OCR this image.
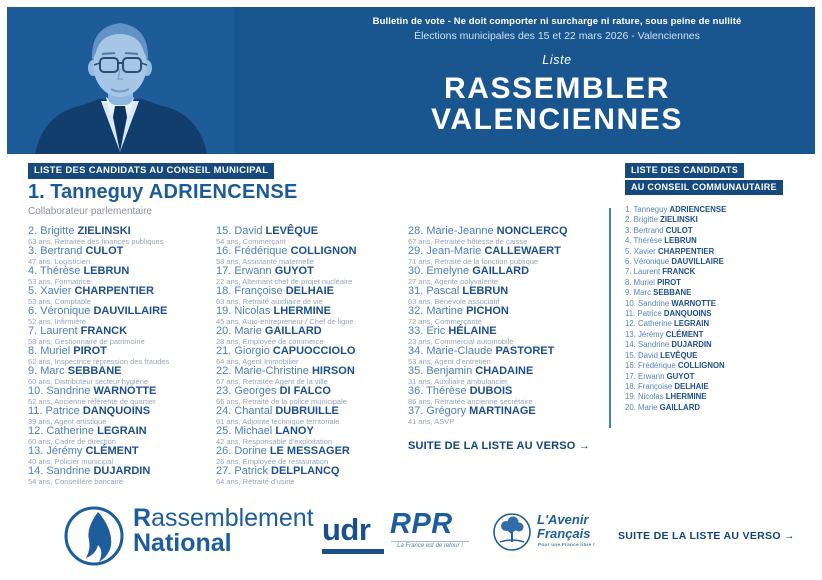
Bulletin de vote - Ne doit comporter ni surcharge ni rature, sous peine de nullité
Élections municipales des 15 et 22 mars 2026 - Valenciennes
Liste
RASSEMBLER
VALENCIENNES
LISTE DES CANDIDATS AU CONSEIL MUNICIPAL
1. Tanneguy ADRIENCENSE
Collaborateur parlementaire
2. Brigitte ZIELINSKI
63 ans, Retraitée des finances publiques
3. Bertrand CULOT
47 ans, Logisticien
4. Thérèse LEBRUN
53 ans, Formatrice
5. Xavier CHARPENTIER
53 ans, Comptable
6. Véronique DAUVILLAIRE
52 ans, Infirmière
7. Laurent FRANCK
58 ans, Gestionnaire de patrimoine
8. Muriel PIROT
62 ans, Inspectrice répression des fraudes
9. Marc SEBBANE
60 ans, Distributeur secteur hygiène
10. Sandrine WARNOTTE
52 ans, Ancienne référente de quartier
11. Patrice DANQUOINS
39 ans, Agent artistique
12. Catherine LEGRAIN
60 ans, Cadre de direction
13. Jérémy CLÉMENT
40 ans, Policier municipal
14. Sandrine DUJARDIN
54 ans, Conseillère bancaire
15. David LEVÊQUE
54 ans, Commerçant
16. Frédérique COLLIGNON
58 ans, Assistante maternelle
17. Erwann GUYOT
22 ans, Alternant chef de projet nucléaire
18. Françoise DELHAIE
63 ans, Retraité auxiliaire de vie
19. Nicolas LHERMINE
45 ans, Auto-entrepreneur / Chef de ligne
20. Marie GAILLARD
28 ans, Employée de commerce
21. Giorgio CAPUOCCIOLO
64 ans, Agent Immobilier
22. Marie-Christine HIRSON
67 ans, Retraitée Agent de la ville
23. Georges DI FALCO
66 ans, Retraité de la police municipale
24. Chantal DUBRUILLE
61 ans, Adjointe technique territoriale
25. Michael LANOY
42 ans, Responsable d'exploitation
26. Dorine LE MESSAGER
26 ans, Employée de restauration
27. Patrick DELPLANCQ
64 ans, Retraité d'usine
28. Marie-Jeanne NONCLERCQ
67 ans, Retraitée hôtesse de caisse
29. Jean-Marie CALLEWAERT
71 ans, Retraité de la fonction publique
30. Emelyne GAILLARD
27 ans, Agente polyvalente
31. Pascal LEBRUN
63 ans, Bénévole associatif
32. Martine PICHON
72 ans, Commerçante
33. Eric HÉLAINE
23 ans, Commercial automobile
34. Marie-Claude PASTORET
53 ans, Agent d'entretien
35. Benjamin CHADAINE
31 ans, Auxiliaire ambulancier
36. Thérèse DUBOIS
86 ans, Retraitée ancienne secrétaire
37. Grégory MARTINAGE
41 ans, ASVP
SUITE DE LA LISTE AU VERSO →
LISTE DES CANDIDATS
AU CONSEIL COMMUNAUTAIRE
1. Tanneguy ADRIENCENSE
2. Brigitte ZIELINSKI
3. Bertrand CULOT
4. Thérèse LEBRUN
5. Xavier CHARPENTIER
6. Véronique DAUVILLAIRE
7. Laurent FRANCK
8. Muriel PIROT
9. Marc SEBBANE
10. Sandrine WARNOTTE
11. Patrice DANQUOINS
12. Catherine LEGRAIN
13. Jérémy CLÉMENT
14. Sandrine DUJARDIN
15. David LEVÊQUE
16. Frédérique COLLIGNON
17. Erwann GUYOT
18. Françoise DELHAIE
19. Nicolas LHERMINE
20. Marie GAILLARD
Rassemblement
National	udr RPR
La France est de retour !
L'Avenir
Français
Pour une France libre !
SUITE DE LA LISTE AU VERSO →
